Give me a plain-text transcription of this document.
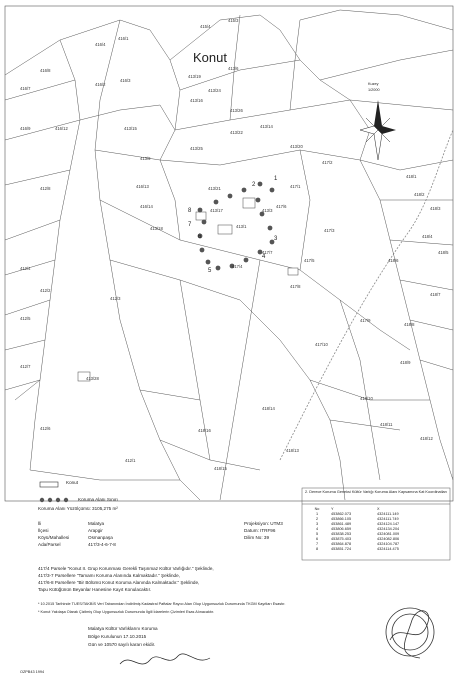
1
2
3
4
5
6
7
8
415/3
416/4
416/1
416/7
416/2
416/3
416/8
415/4
416/12
416/9	413/15	413/14
413/19
413/6
413/16
413/24
413/20
413/22
413/25
413/9
413/26
413/21
413/17
413/18	413/1
413/3
416/13
416/14
412/8
412/4
412/2
412/3
412/5
412/7
413/28
412/6
412/1
417/1
417/2
417/3
417/4
417/5
417/6
417/7
417/8
417/9
417/10
418/1
418/2
418/3
418/4
418/5
418/6
418/7
418/8
418/9
418/10
418/11
418/12
418/13
418/14
418/15
418/16
Konut
Kuzey
1/2000
Konut
Koruma Alanı Sınırı
Koruma Alanı Yüzölçümü: 3105,275 m²
İli	Malatya
İlçesi	Arapgir
Köyü/Mahallesi	Osmanpaşa
Ada/Parsel	417/3-4-6-7-8
Projeksiyon: UTM3
Datum: ITRF96
Dilim No: 39
2. Derece Koruma Geneksi Kültür Varlığı Koruma Alanı Kapsamına Kat Koordinatları
No	Y	X
1	453862.073	4324111.149
2	453866.105	4324111.749
3	453861.489	4324124.147
4	453806.659	4324134.204
5	453838.253	4324081.009
6	453875.403	4324082.806
7	453864.878	4324104.787
8	453851.724	4324114.475
417/4 Parsele "Konut II. Grup Korunması Gerekli Taşınmaz Kültür Varlığıdır." Şeklinde,
417/3-7 Parsellere "Tamamı Koruma Alanında Kalmaktadır." Şeklinde,
417/6-8 Parsellere "Bir Bölümü Konut Koruma Alanında Kalmaktadır." Şeklinde,
Tapu Kütüğünün Beyanlar Hanesine Kayıt Konulacaktır.
* 10.2015 Tarihinde TUES/TAKBİS Veri Tabanından İndirilmiş Kadastral Paftalar Rayıcı Alan Olup Uygunsuzluk Durumunda TKGM Kayıtları Esastır.
* Konut Yakılaşa Olarak Çizilmiş Olup Uygunsuzluk Durumunda İlgili İdarelerin Çizimleri Esas Alınacaktır.
Malatya Kültür Varlıklarını Koruma
Bölge Kurulunun 17.10.2015
Gün ve 10570 sayılı kararı ekidir.
OZPB43 1994
